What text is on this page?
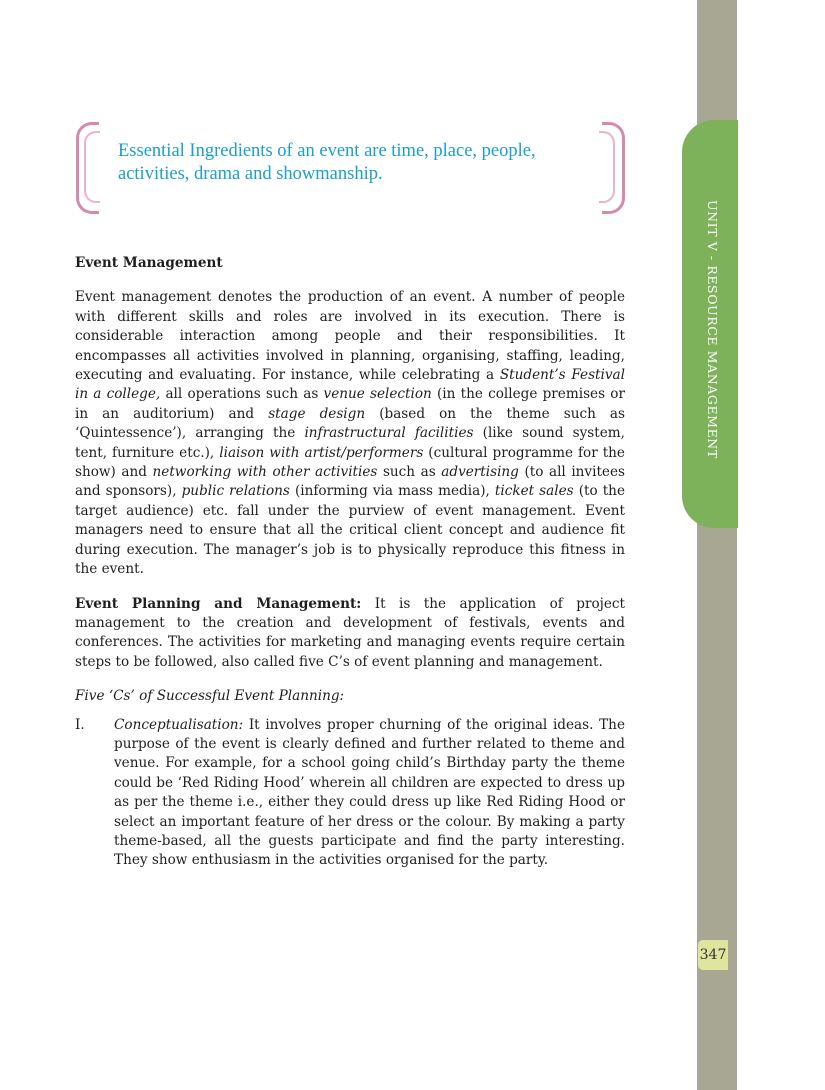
UNIT V - RESOURCE MANAGEMENT
347
Essential Ingredients of an event are time, place, people, activities, drama and showmanship.

Event Management

Event management denotes the production of an event. A number of people with different skills and roles are involved in its execution. There is considerable interaction among people and their responsibilities. It encompasses all activities involved in planning, organising, staffing, leading, executing and evaluating. For instance, while celebrating a Student’s Festival in a college, all operations such as venue selection (in the college premises or in an auditorium) and stage design (based on the theme such as ‘Quintessence’), arranging the infrastructural facilities (like sound system, tent, furniture etc.), liaison with artist/performers (cultural programme for the show) and networking with other activities such as advertising (to all invitees and sponsors), public relations (informing via mass media), ticket sales (to the target audience) etc. fall under the purview of event management. Event managers need to ensure that all the critical client concept and audience fit during execution. The manager’s job is to physically reproduce this fitness in the event.

Event Planning and Management: It is the application of project management to the creation and development of festivals, events and conferences. The activities for marketing and managing events require certain steps to be followed, also called five C’s of event planning and management.

Five ‘Cs’ of Successful Event Planning:

I. Conceptualisation: It involves proper churning of the original ideas. The purpose of the event is clearly defined and further related to theme and venue. For example, for a school going child’s Birthday party the theme could be ‘Red Riding Hood’ wherein all children are expected to dress up as per the theme i.e., either they could dress up like Red Riding Hood or select an important feature of her dress or the colour. By making a party theme-based, all the guests participate and find the party interesting. They show enthusiasm in the activities organised for the party.
